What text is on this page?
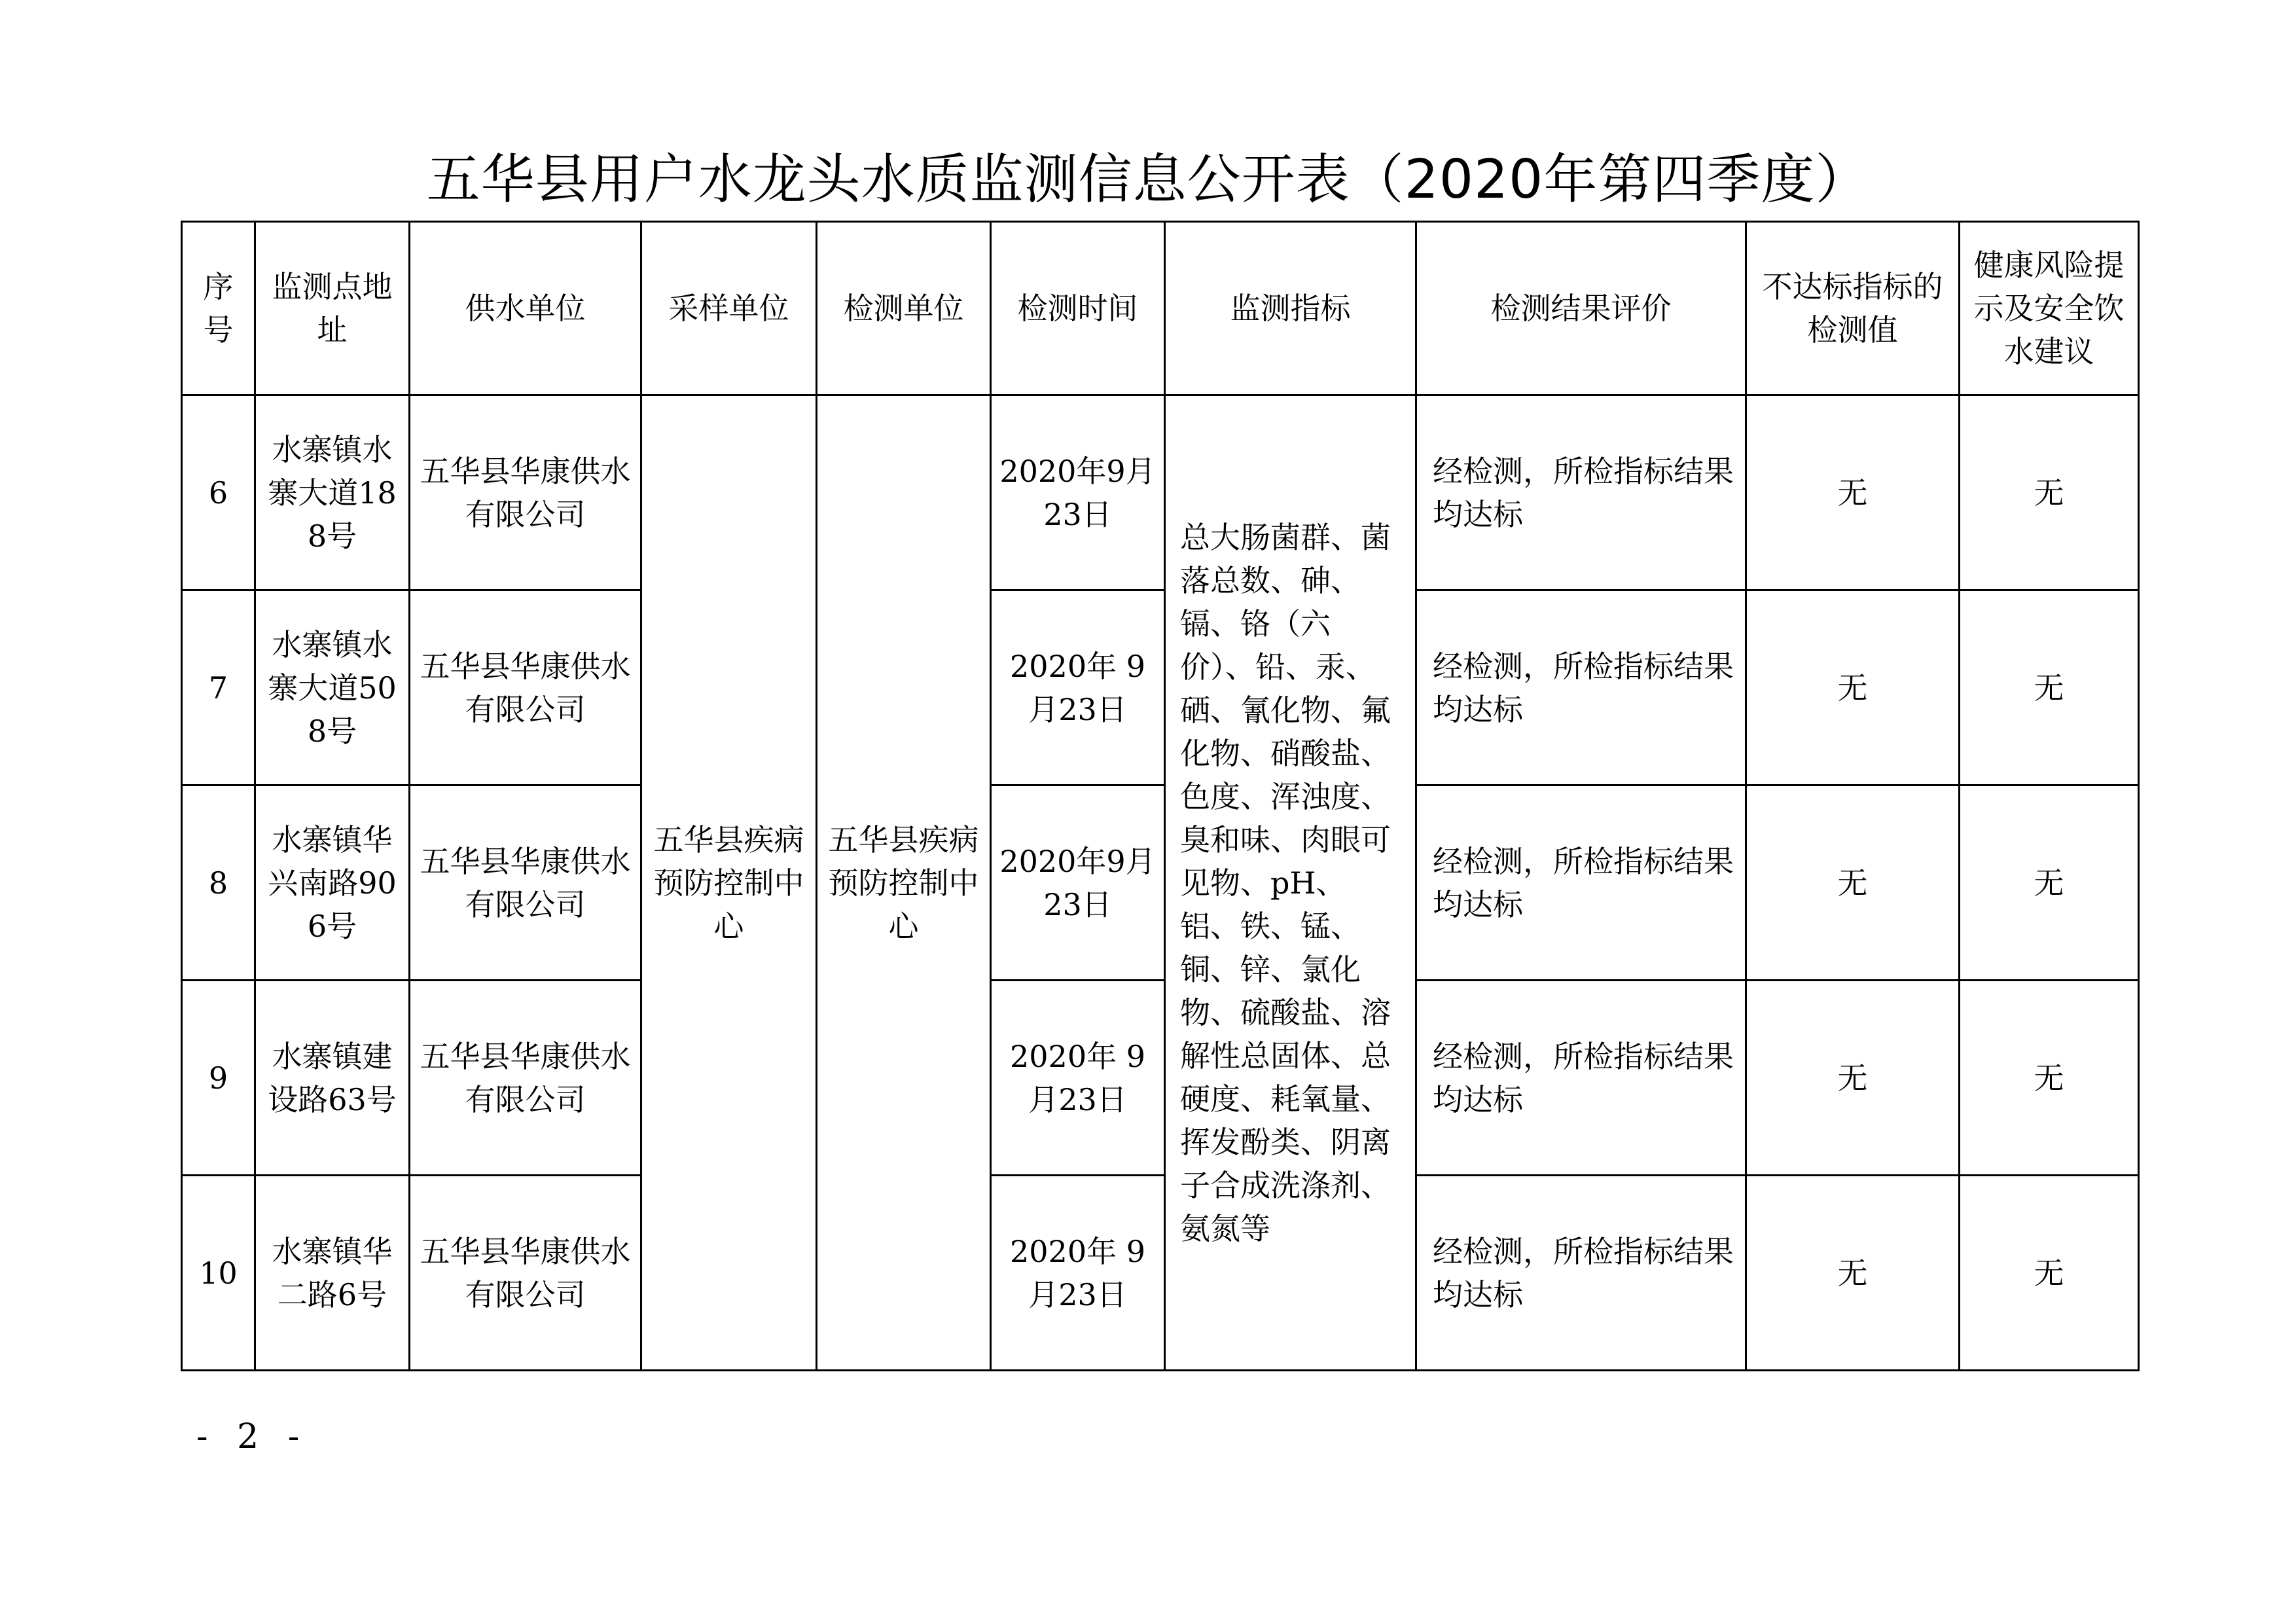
五华县用户水龙头水质监测信息公开表（2020年第四季度）
序号	监测点地址	供水单位	采样单位	检测单位	检测时间	监测指标	检测结果评价	不达标指标的检测值	健康风险提示及安全饮水建议
6	水寨镇水寨大道188号	五华县华康供水有限公司	五华县疾病预防控制中心	五华县疾病预防控制中心	2020年9月23日	总大肠菌群、菌落总数、砷、镉、铬（六价）、铅、汞、硒、氰化物、氟化物、硝酸盐、色度、浑浊度、臭和味、肉眼可见物、pH、铝、铁、锰、铜、锌、氯化物、硫酸盐、溶解性总固体、总硬度、耗氧量、挥发酚类、阴离子合成洗涤剂、氨氮等	经检测，所检指标结果均达标	无	无
7	水寨镇水寨大道508号	五华县华康供水有限公司			2020年 9月23日		经检测，所检指标结果均达标	无	无
8	水寨镇华兴南路906号	五华县华康供水有限公司			2020年9月23日		经检测，所检指标结果均达标	无	无
9	水寨镇建设路63号	五华县华康供水有限公司			2020年 9月23日		经检测，所检指标结果均达标	无	无
10	水寨镇华二路6号	五华县华康供水有限公司			2020年 9月23日		经检测，所检指标结果均达标	无	无
- 2 -
